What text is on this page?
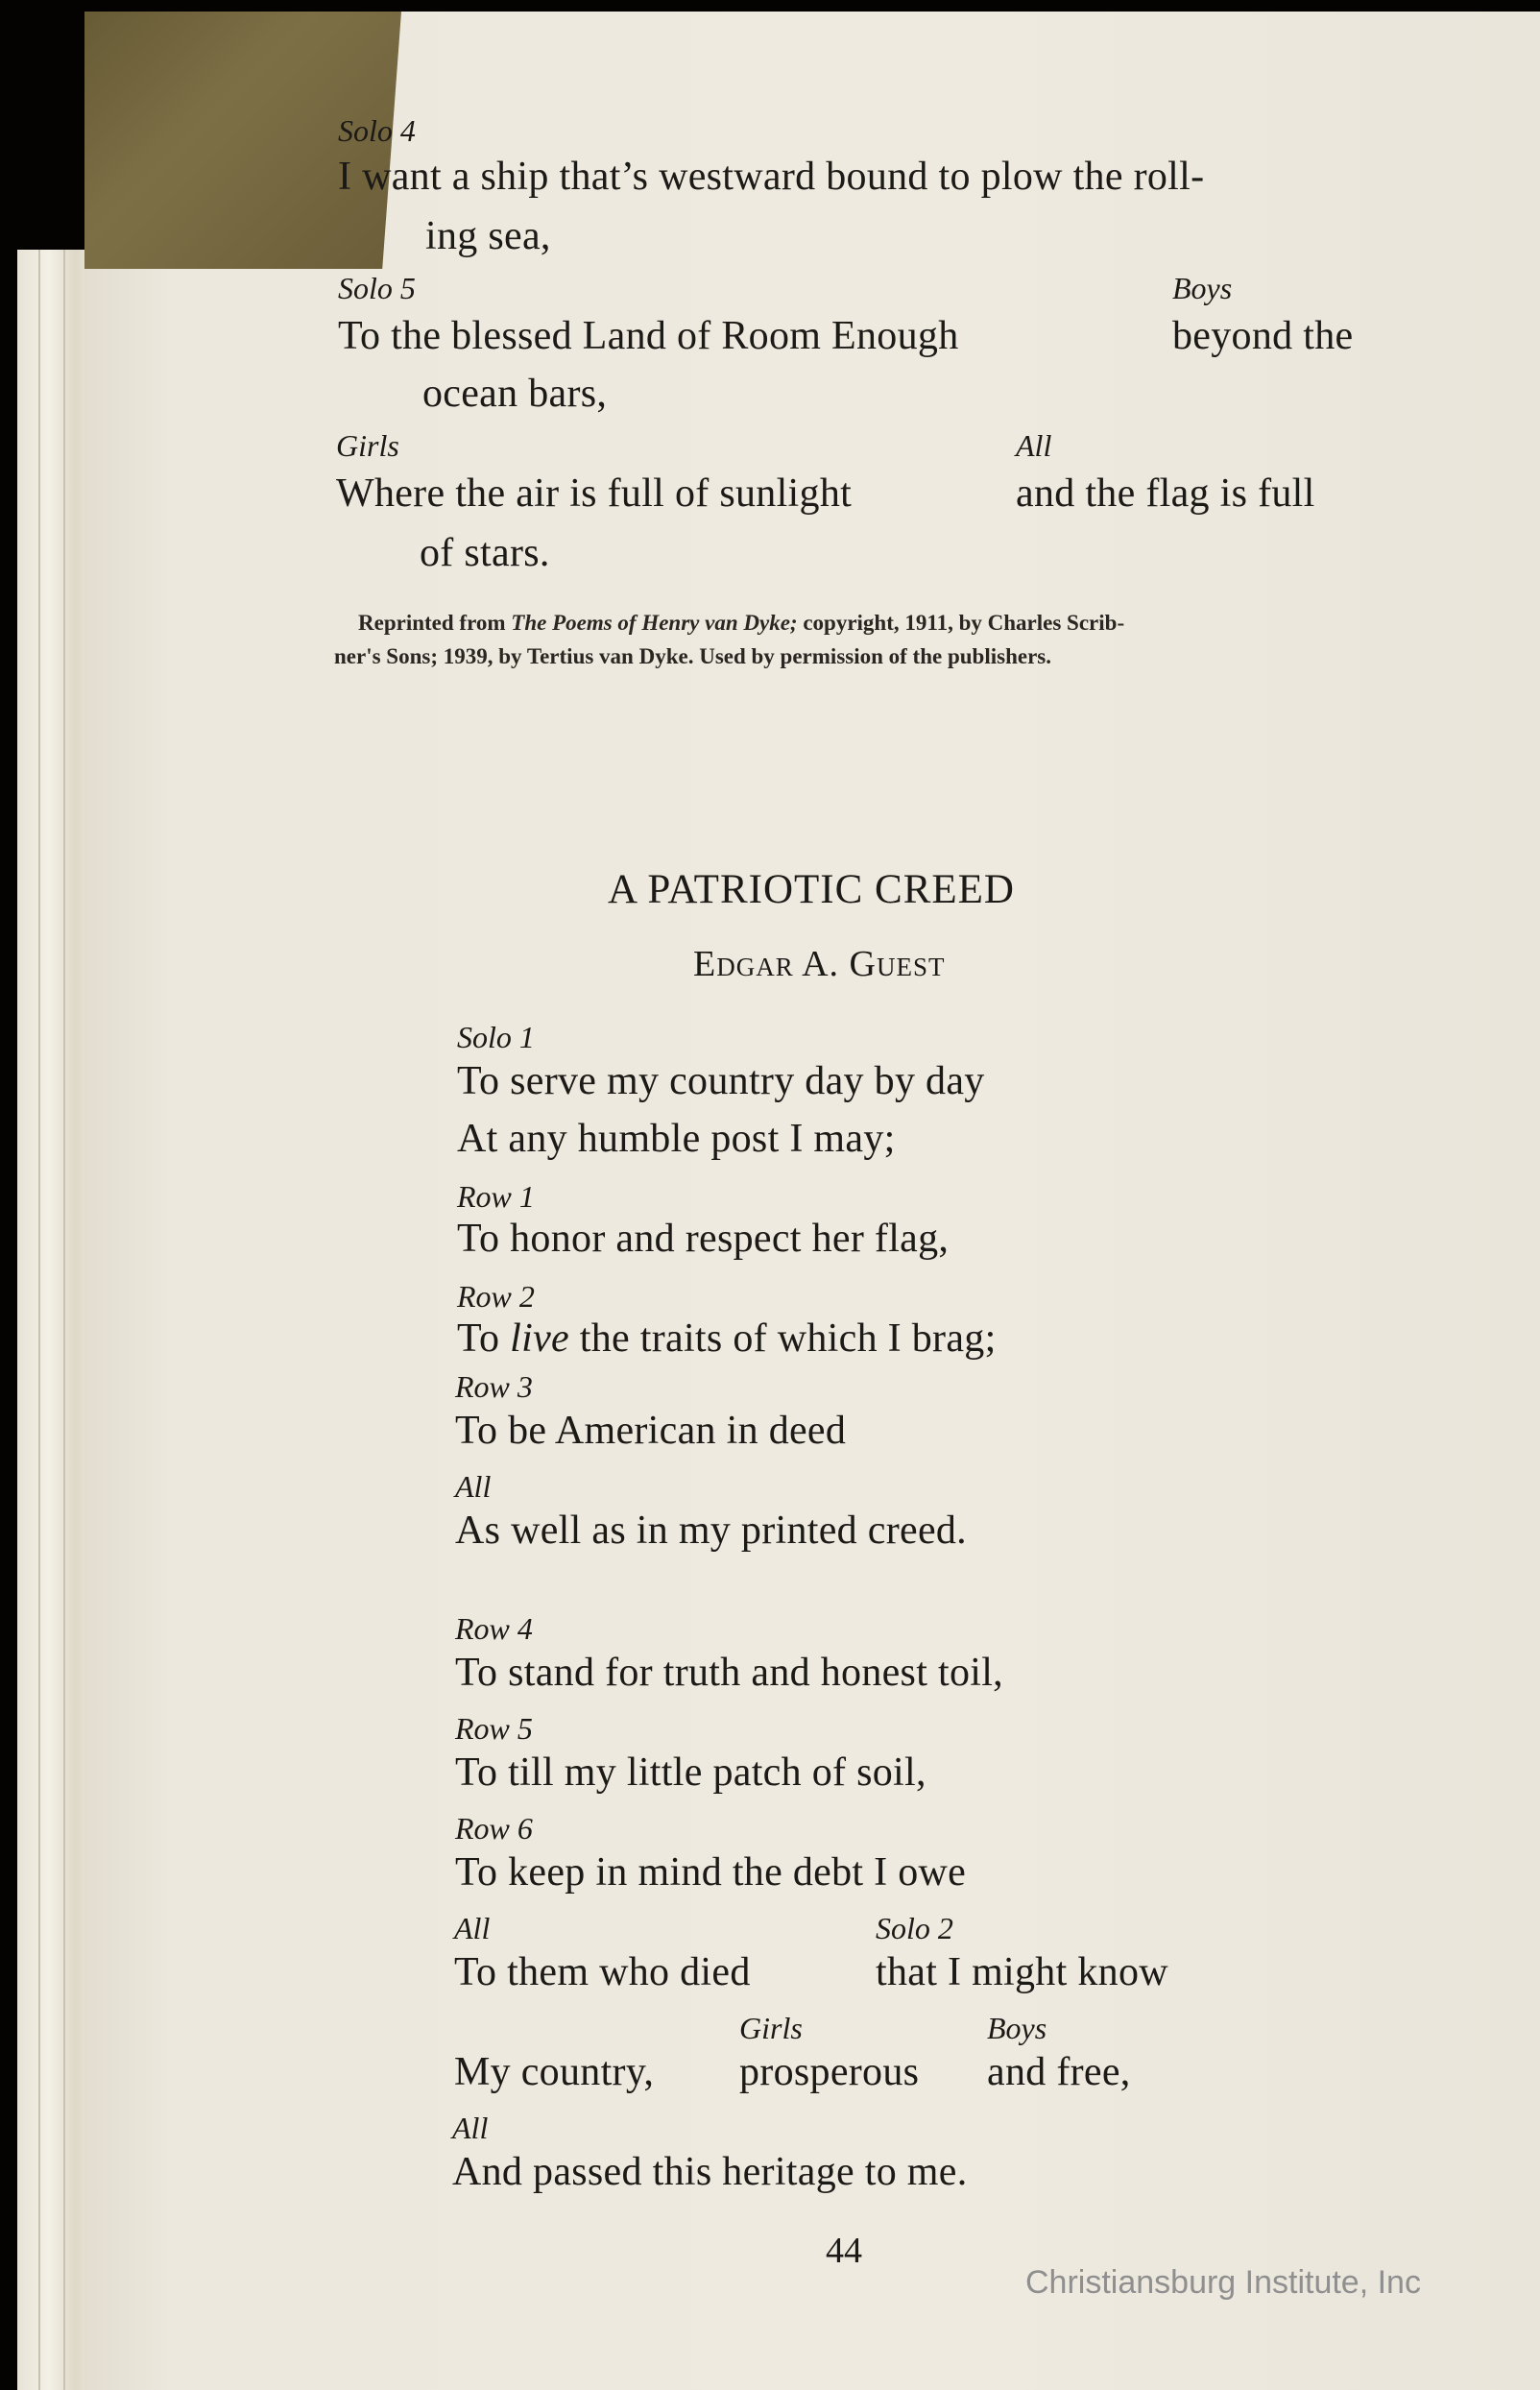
Solo 4
I want a ship that’s westward bound to plow the roll-
ing sea,
Solo 5	Boys
To the blessed Land of Room Enough	beyond the
ocean bars,
Girls	All
Where the air is full of sunlight	and the flag is full
of stars.
Reprinted from The Poems of Henry van Dyke; copyright, 1911, by Charles Scrib-
ner's Sons; 1939, by Tertius van Dyke. Used by permission of the publishers.
A PATRIOTIC CREED
Edgar A. Guest
Solo 1
To serve my country day by day
At any humble post I may;
Row 1
To honor and respect her flag,
Row 2
To live the traits of which I brag;
Row 3
To be American in deed
All
As well as in my printed creed.
Row 4
To stand for truth and honest toil,
Row 5
To till my little patch of soil,
Row 6
To keep in mind the debt I owe
All	Solo 2
To them who died	that I might know
Girls	Boys
My country, prosperous and free,
All
And passed this heritage to me.
44
Christiansburg Institute, Inc
